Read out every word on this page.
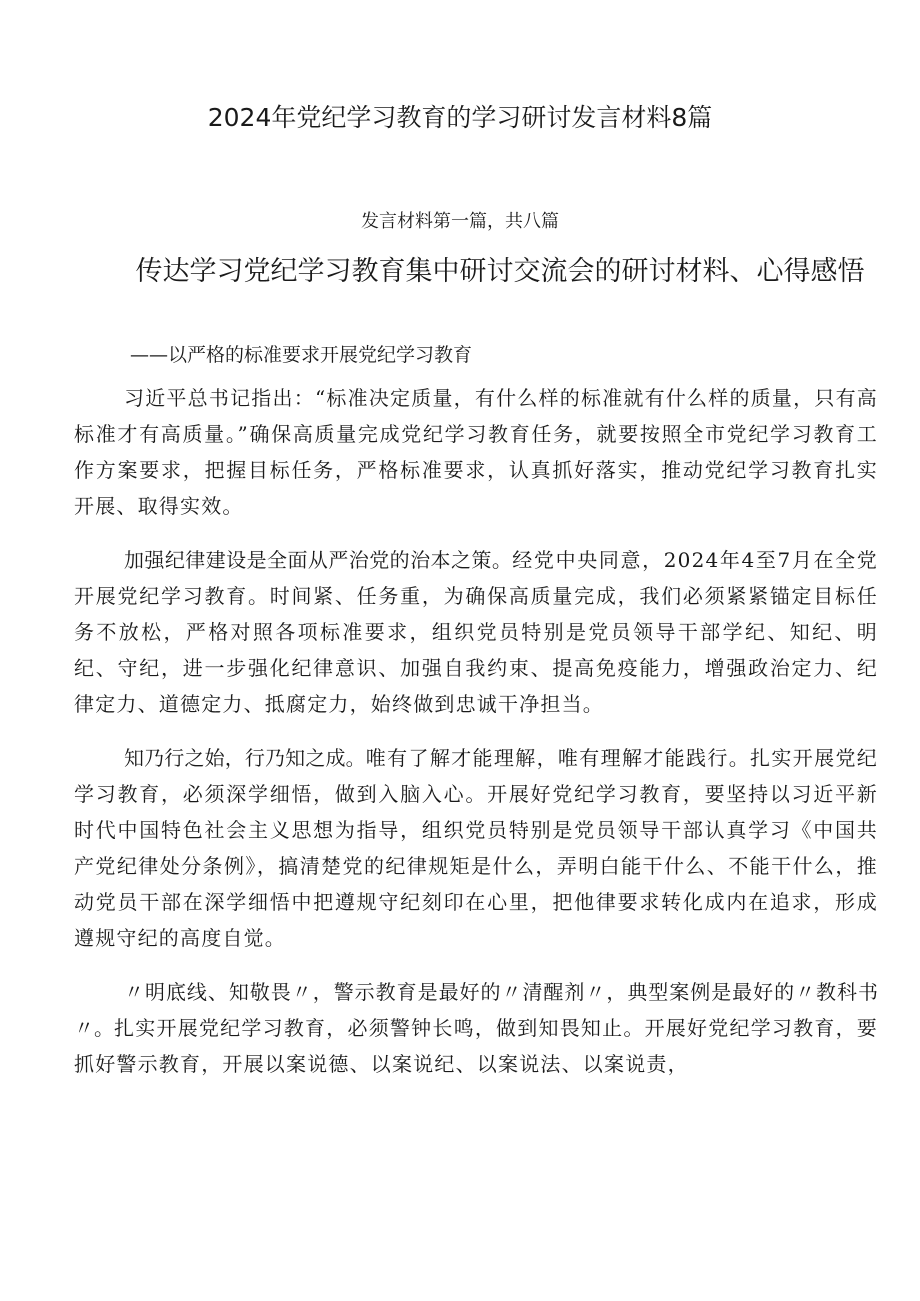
2024年党纪学习教育的学习研讨发言材料8篇
发言材料第一篇，共八篇
传达学习党纪学习教育集中研讨交流会的研讨材料、心得感悟
——以严格的标准要求开展党纪学习教育

习近平总书记指出：“标准决定质量，有什么样的标准就有什么样的质量，只有高标准才有高质量。”确保高质量完成党纪学习教育任务，就要按照全市党纪学习教育工作方案要求，把握目标任务，严格标准要求，认真抓好落实，推动党纪学习教育扎实开展、取得实效。

加强纪律建设是全面从严治党的治本之策。经党中央同意，2024年4至7月在全党开展党纪学习教育。时间紧、任务重，为确保高质量完成，我们必须紧紧锚定目标任务不放松，严格对照各项标准要求，组织党员特别是党员领导干部学纪、知纪、明纪、守纪，进一步强化纪律意识、加强自我约束、提高免疫能力，增强政治定力、纪律定力、道德定力、抵腐定力，始终做到忠诚干净担当。

知乃行之始，行乃知之成。唯有了解才能理解，唯有理解才能践行。扎实开展党纪学习教育，必须深学细悟，做到入脑入心。开展好党纪学习教育，要坚持以习近平新时代中国特色社会主义思想为指导，组织党员特别是党员领导干部认真学习《中国共产党纪律处分条例》，搞清楚党的纪律规矩是什么，弄明白能干什么、不能干什么，推动党员干部在深学细悟中把遵规守纪刻印在心里，把他律要求转化成内在追求，形成遵规守纪的高度自觉。

〃明底线、知敬畏〃，警示教育是最好的〃清醒剂〃，典型案例是最好的〃教科书〃。扎实开展党纪学习教育，必须警钟长鸣，做到知畏知止。开展好党纪学习教育，要抓好警示教育，开展以案说德、以案说纪、以案说法、以案说责，
